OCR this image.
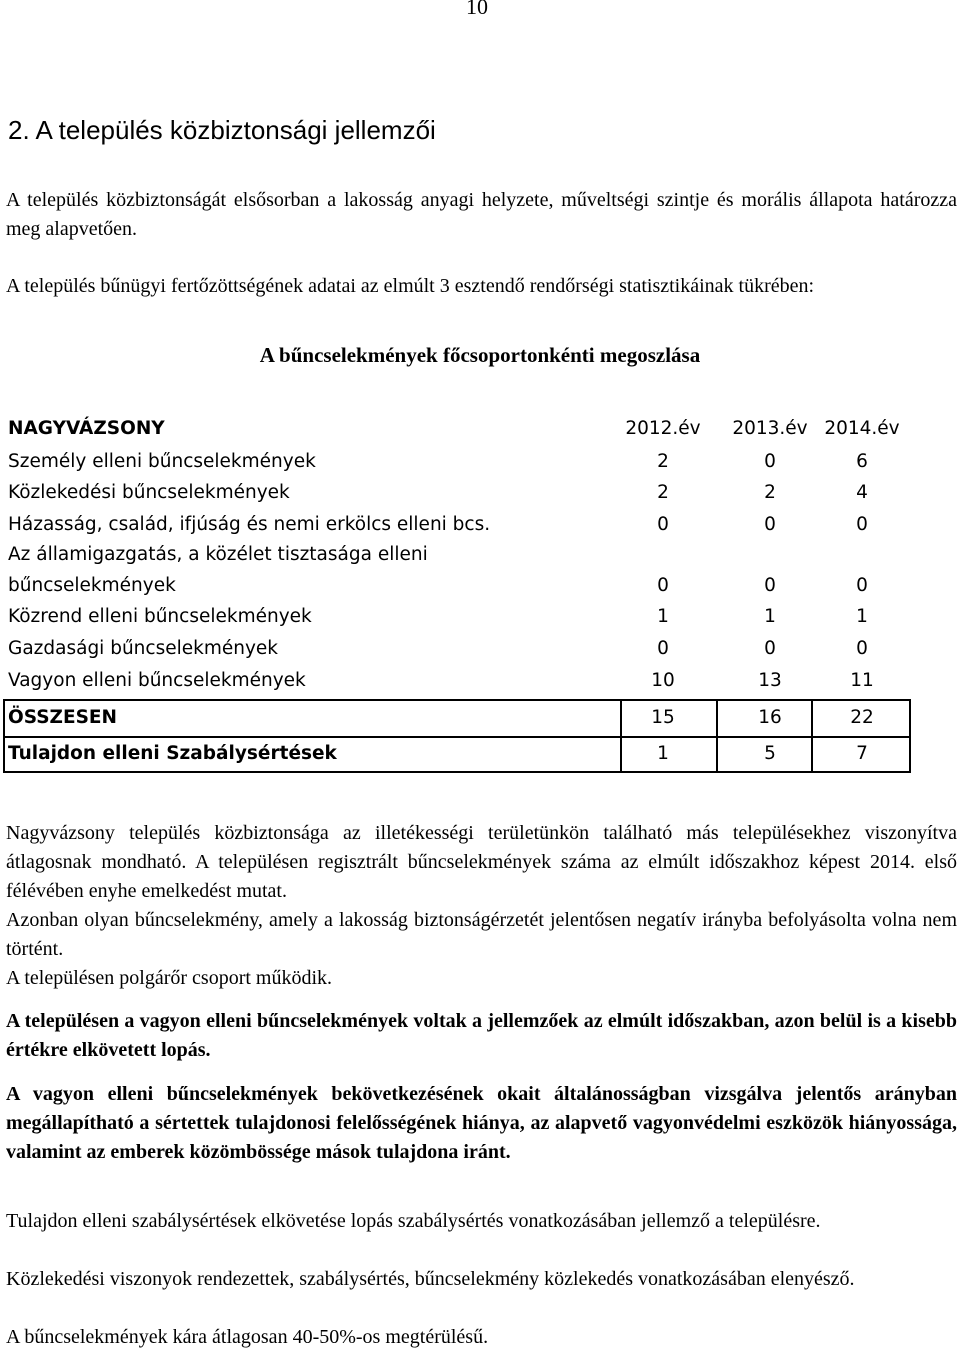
10
2. A település közbiztonsági jellemzői
A település közbiztonságát elsősorban a lakosság anyagi helyzete, műveltségi szintje és morális állapota határozza meg alapvetően.
A település bűnügyi fertőzöttségének adatai az elmúlt 3 esztendő rendőrségi statisztikáinak tükrében:
A bűncselekmények főcsoportonkénti megoszlása
NAGYVÁZSONY	2012.év	2013.év 2014.év
Személy elleni bűncselekmények	2	0	6
Közlekedési bűncselekmények	2	2	4
Házasság, család, ifjúság és nemi erkölcs elleni bcs.	0	0	0
Az államigazgatás, a közélet tisztasága elleni
bűncselekmények	0	0	0
Közrend elleni bűncselekmények	1	1	1
Gazdasági bűncselekmények	0	0	0
Vagyon elleni bűncselekmények	10	13	11
ÖSSZESEN	15	16	22
Tulajdon elleni Szabálysértések	1	5	7
Nagyvázsony település közbiztonsága az illetékességi területünkön található más településekhez viszonyítva átlagosnak mondható. A településen regisztrált bűncselekmények száma az elmúlt időszakhoz képest 2014. első félévében enyhe emelkedést mutat.
Azonban olyan bűncselekmény, amely a lakosság biztonságérzetét jelentősen negatív irányba befolyásolta volna nem történt.
A településen polgárőr csoport működik.
A településen a vagyon elleni bűncselekmények voltak a jellemzőek az elmúlt időszakban, azon belül is a kisebb értékre elkövetett lopás.
A vagyon elleni bűncselekmények bekövetkezésének okait általánosságban vizsgálva jelentős arányban megállapítható a sértettek tulajdonosi felelősségének hiánya, az alapvető vagyonvédelmi eszközök hiányossága, valamint az emberek közömbössége mások tulajdona iránt.
Tulajdon elleni szabálysértések elkövetése lopás szabálysértés vonatkozásában jellemző a településre.
Közlekedési viszonyok rendezettek, szabálysértés, bűncselekmény közlekedés vonatkozásában elenyésző.
A bűncselekmények kára átlagosan 40-50%-os megtérülésű.
